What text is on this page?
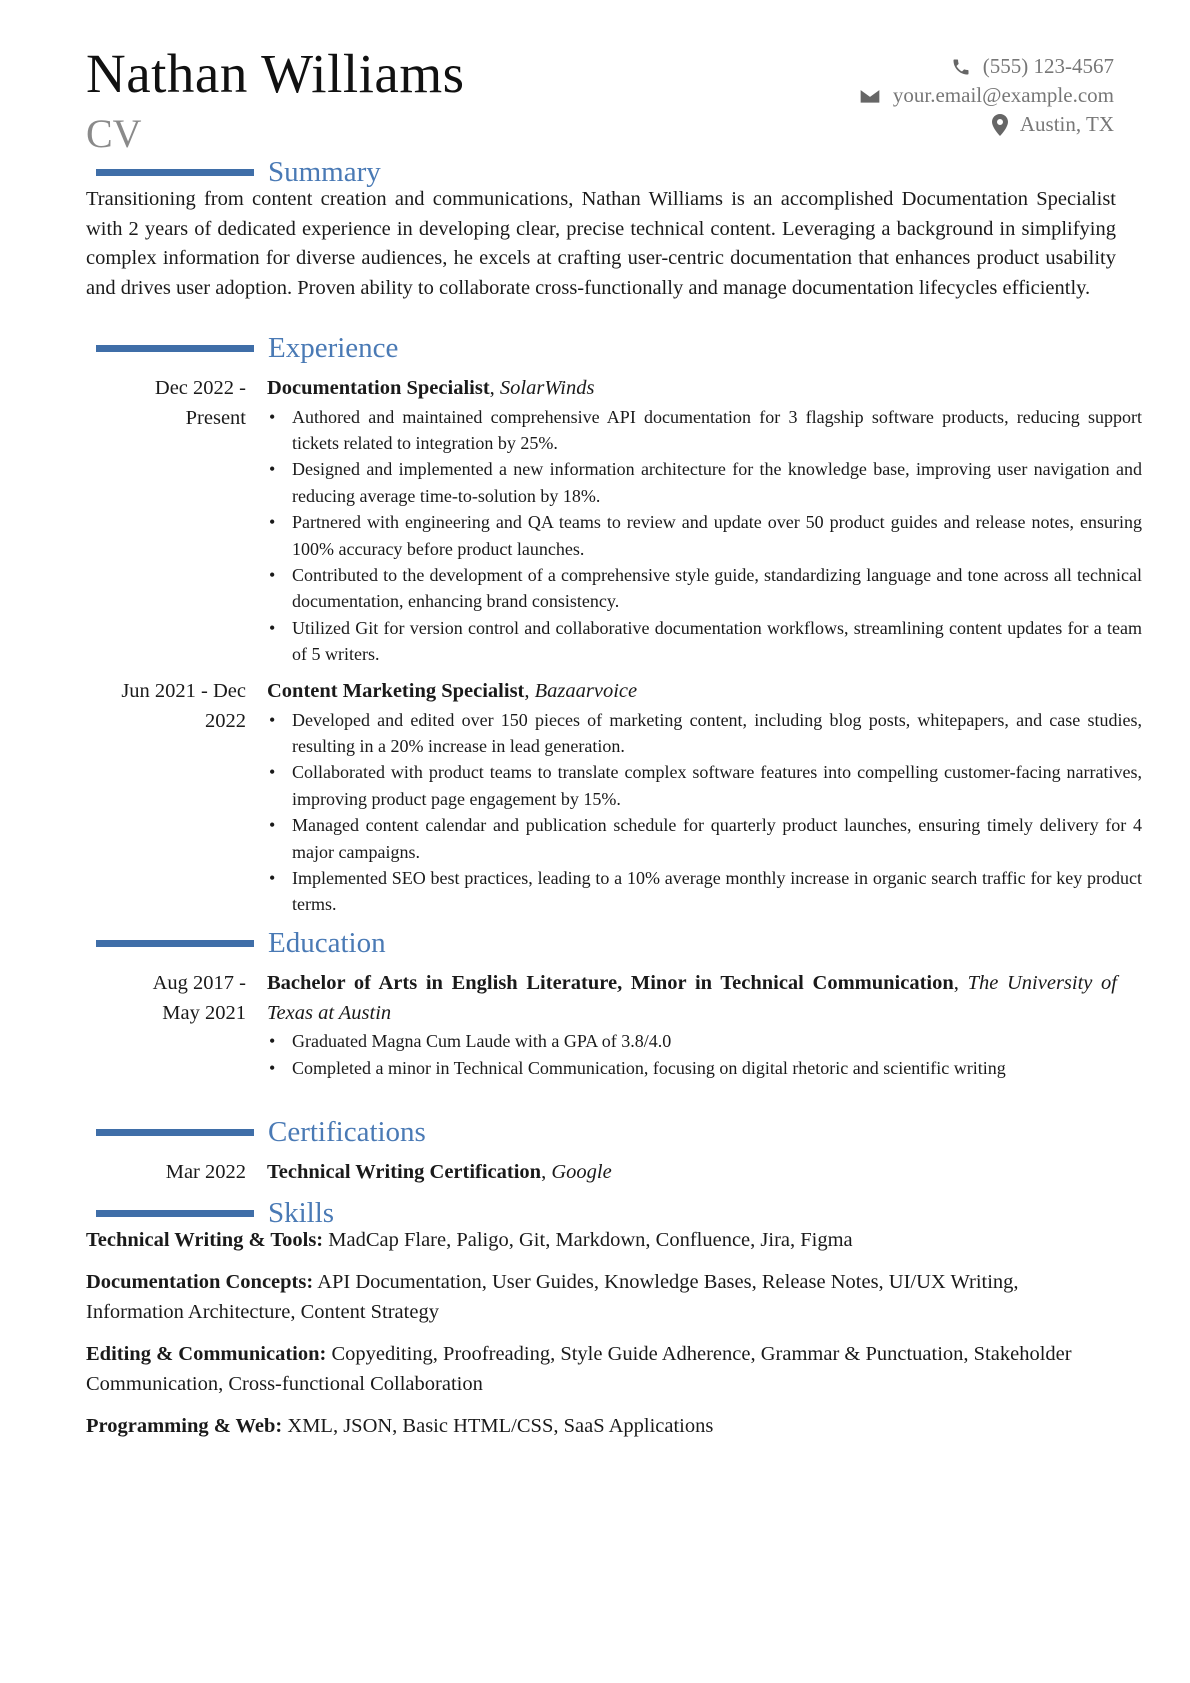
Nathan Williams
CV
(555) 123-4567
your.email@example.com
Austin, TX
Summary
Transitioning from content creation and communications, Nathan Williams is an accomplished Documentation Specialist with 2 years of dedicated experience in developing clear, precise technical content. Leveraging a background in simplifying complex information for diverse audiences, he excels at crafting user-centric documentation that enhances product usability and drives user adoption. Proven ability to collaborate cross-functionally and manage documentation lifecycles efficiently.
Experience
Dec 2022 -
Present
Documentation Specialist, SolarWinds
• Authored and maintained comprehensive API documentation for 3 flagship software products, reducing support tickets related to integration by 25%.
• Designed and implemented a new information architecture for the knowledge base, improving user navigation and reducing average time-to-solution by 18%.
• Partnered with engineering and QA teams to review and update over 50 product guides and release notes, ensuring 100% accuracy before product launches.
• Contributed to the development of a comprehensive style guide, standardizing language and tone across all technical documentation, enhancing brand consistency.
• Utilized Git for version control and collaborative documentation workflows, streamlining content updates for a team of 5 writers.
Jun 2021 - Dec
2022
Content Marketing Specialist, Bazaarvoice
• Developed and edited over 150 pieces of marketing content, including blog posts, whitepapers, and case studies, resulting in a 20% increase in lead generation.
• Collaborated with product teams to translate complex software features into compelling customer-facing narratives, improving product page engagement by 15%.
• Managed content calendar and publication schedule for quarterly product launches, ensuring timely delivery for 4 major campaigns.
• Implemented SEO best practices, leading to a 10% average monthly increase in organic search traffic for key product terms.
Education
Aug 2017 -
May 2021
Bachelor of Arts in English Literature, Minor in Technical Communication, The University of Texas at Austin
• Graduated Magna Cum Laude with a GPA of 3.8/4.0
• Completed a minor in Technical Communication, focusing on digital rhetoric and scientific writing
Certifications
Mar 2022 Technical Writing Certification, Google
Skills
Technical Writing & Tools: MadCap Flare, Paligo, Git, Markdown, Confluence, Jira, Figma
Documentation Concepts: API Documentation, User Guides, Knowledge Bases, Release Notes, UI/UX Writing, Information Architecture, Content Strategy
Editing & Communication: Copyediting, Proofreading, Style Guide Adherence, Grammar & Punctuation, Stakeholder Communication, Cross-functional Collaboration
Programming & Web: XML, JSON, Basic HTML/CSS, SaaS Applications
